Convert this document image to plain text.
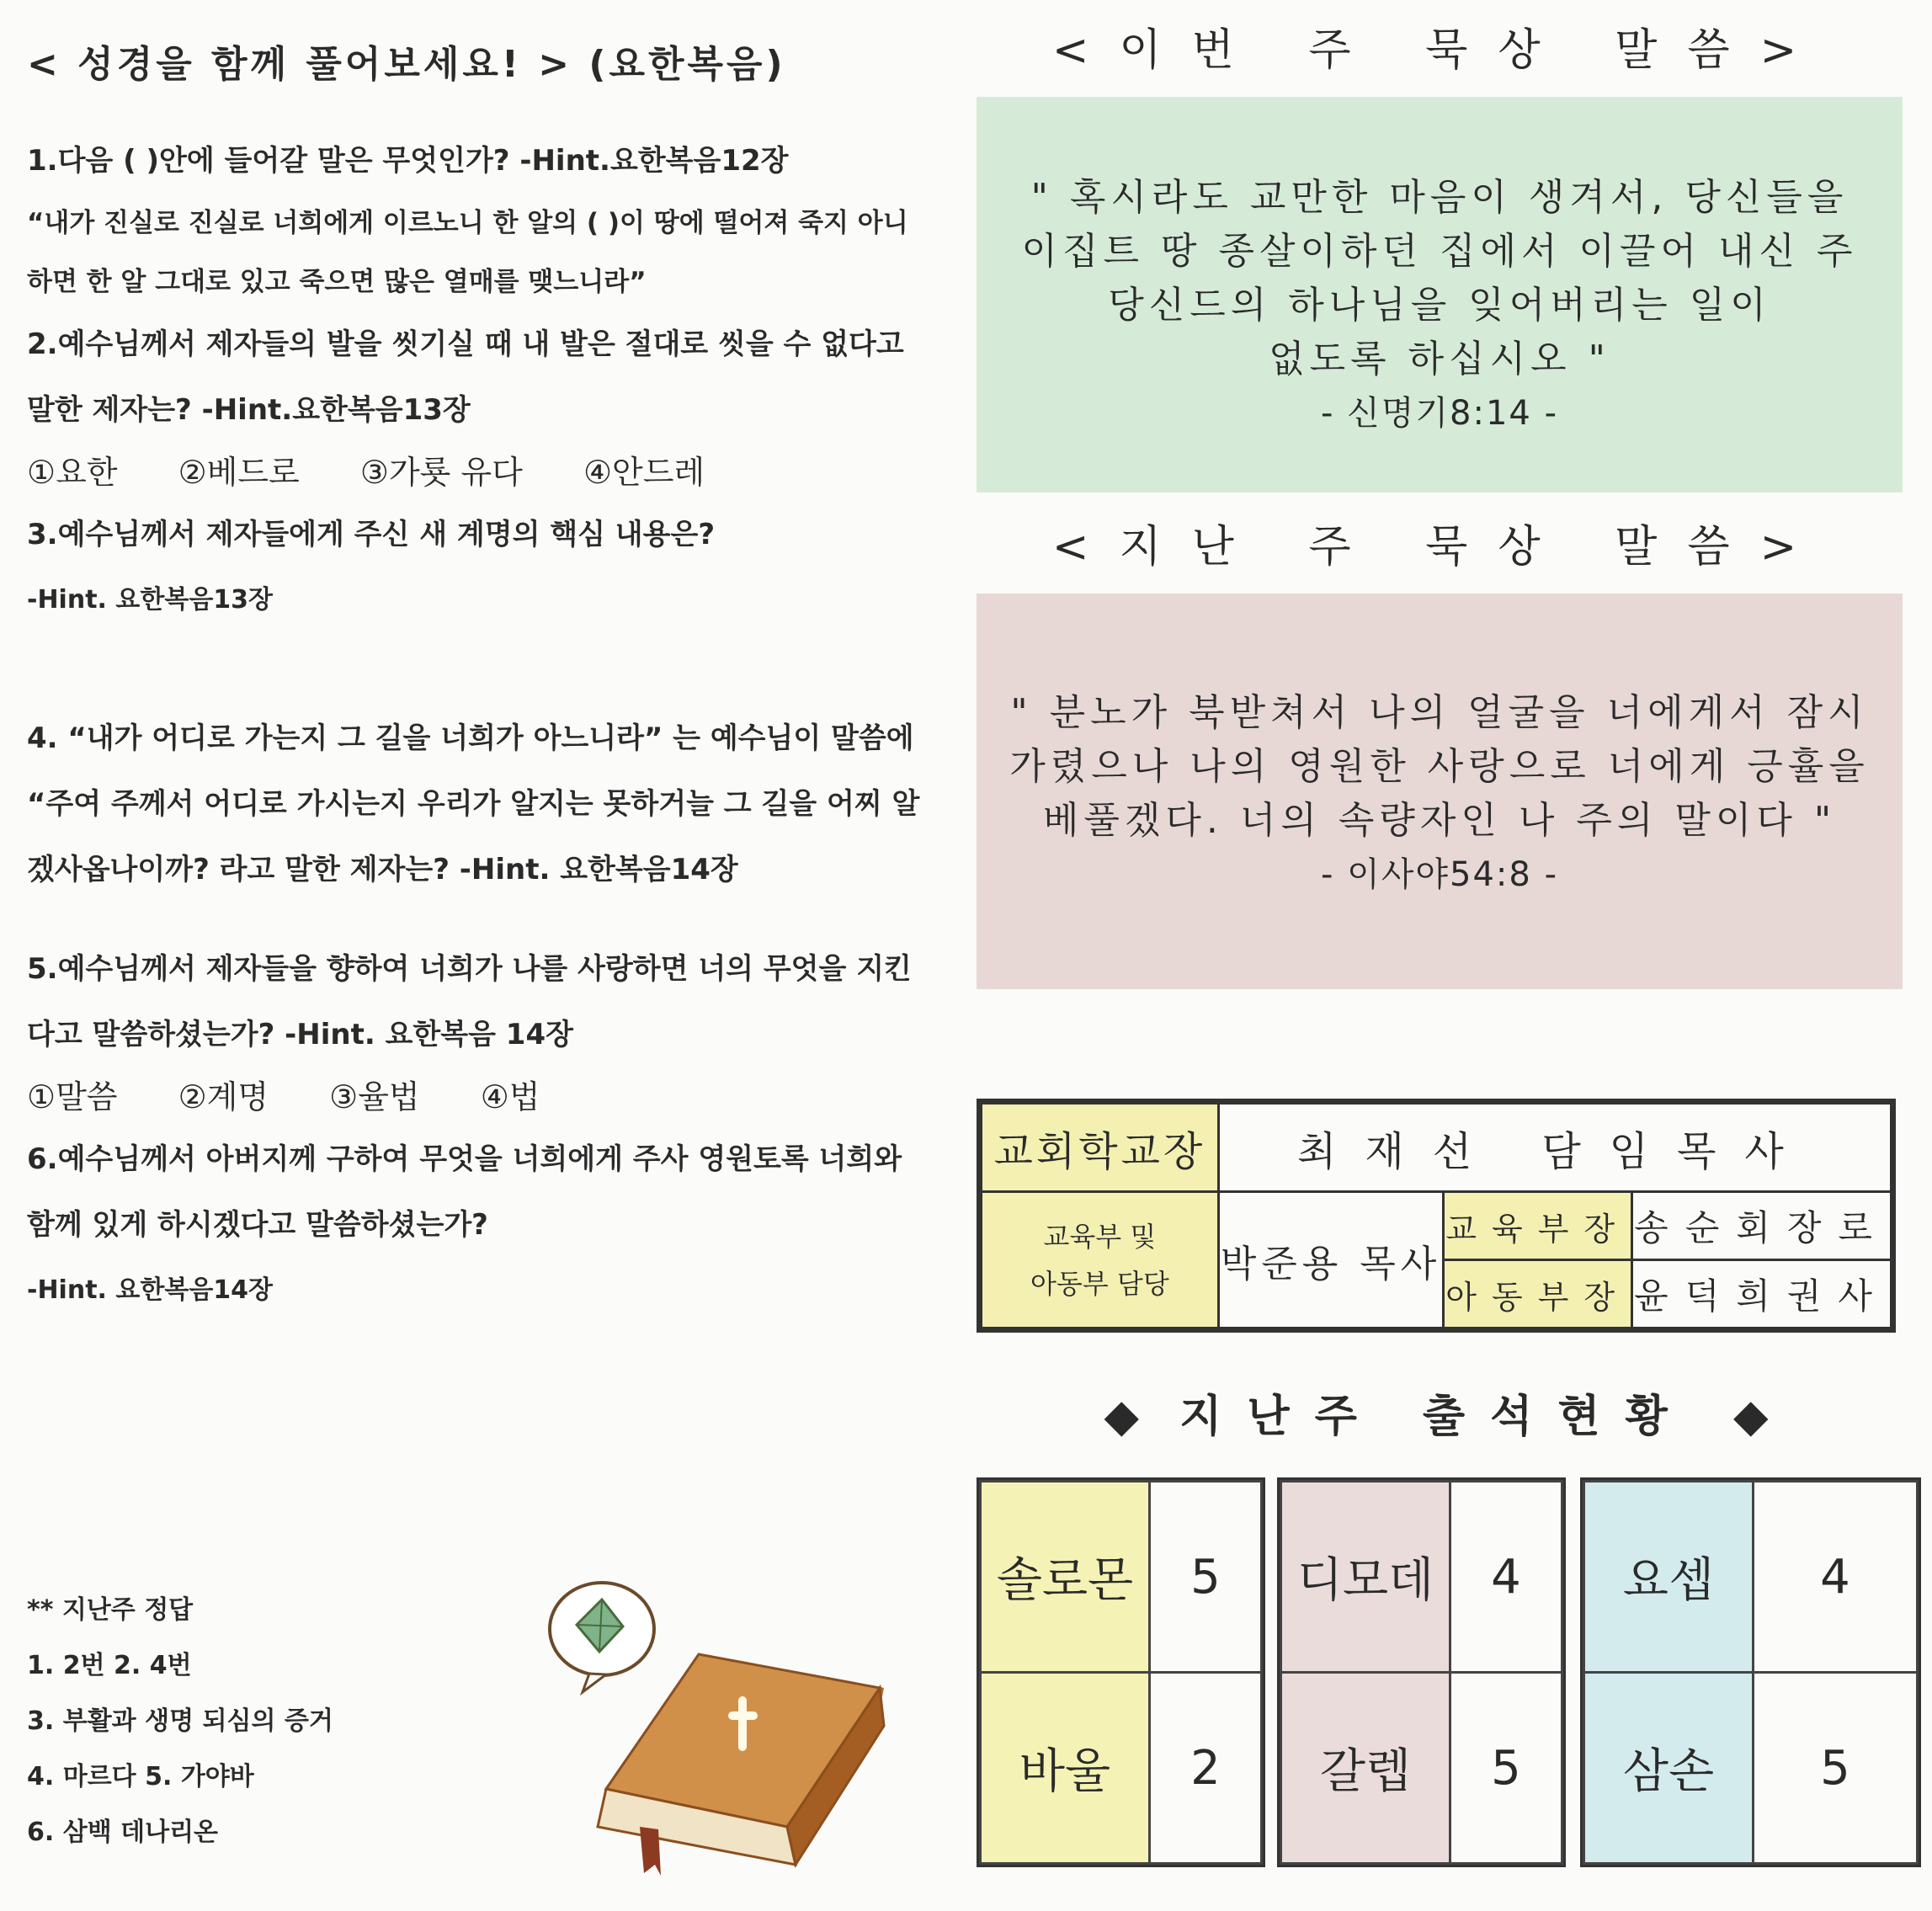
< 성경을 함께 풀어보세요! > (요한복음)

1.다음 ( )안에 들어갈 말은 무엇인가? -Hint.요한복음12장

“내가 진실로 진실로 너희에게 이르노니 한 알의 ( )이 땅에 떨어져 죽지 아니하면 한 알 그대로 있고 죽으면 많은 열매를 맺느니라”

2.예수님께서 제자들의 발을 씻기실 때 내 발은 절대로 씻을 수 없다고 말한 제자는? -Hint.요한복음13장

①요한 ②베드로 ③가룟 유다 ④안드레

3.예수님께서 제자들에게 주신 새 계명의 핵심 내용은?

-Hint. 요한복음13장

4. “내가 어디로 가는지 그 길을 너희가 아느니라” 는 예수님이 말씀에 “주여 주께서 어디로 가시는지 우리가 알지는 못하거늘 그 길을 어찌 알겠사옵나이까? 라고 말한 제자는? -Hint. 요한복음14장

5.예수님께서 제자들을 향하여 너희가 나를 사랑하면 너의 무엇을 지킨다고 말씀하셨는가? -Hint. 요한복음 14장

①말씀 ②계명 ③율법 ④법

6.예수님께서 아버지께 구하여 무엇을 너희에게 주사 영원토록 너희와 함께 있게 하시겠다고 말씀하셨는가?

-Hint. 요한복음14장

** 지난주 정답

1. 2번 2. 4번

3. 부활과 생명 되심의 증거

4. 마르다 5. 가야바

6. 삼백 데나리온

<이번 주 묵상 말씀>

" 혹시라도 교만한 마음이 생겨서, 당신들을

이집트 땅 종살이하던 집에서 이끌어 내신 주

당신드의 하나님을 잊어버리는 일이

없도록 하십시오 "

- 신명기8:14 -

<지난 주 묵상 말씀>

" 분노가 북받쳐서 나의 얼굴을 너에게서 잠시

가렸으나 나의 영원한 사랑으로 너에게 긍휼을

베풀겠다. 너의 속량자인 나 주의 말이다 "

- 이사야54:8 -

교회학교장	최재선 담임목사		
교육부 및
아동부 담당	박준용 목사	교육부장	송순회장로
		아동부장	윤덕희권사
◆ 지난주 출석현황 ◆
솔로몬	5
바울	2
디모데	4
갈렙	5
요셉	4
삼손	5
